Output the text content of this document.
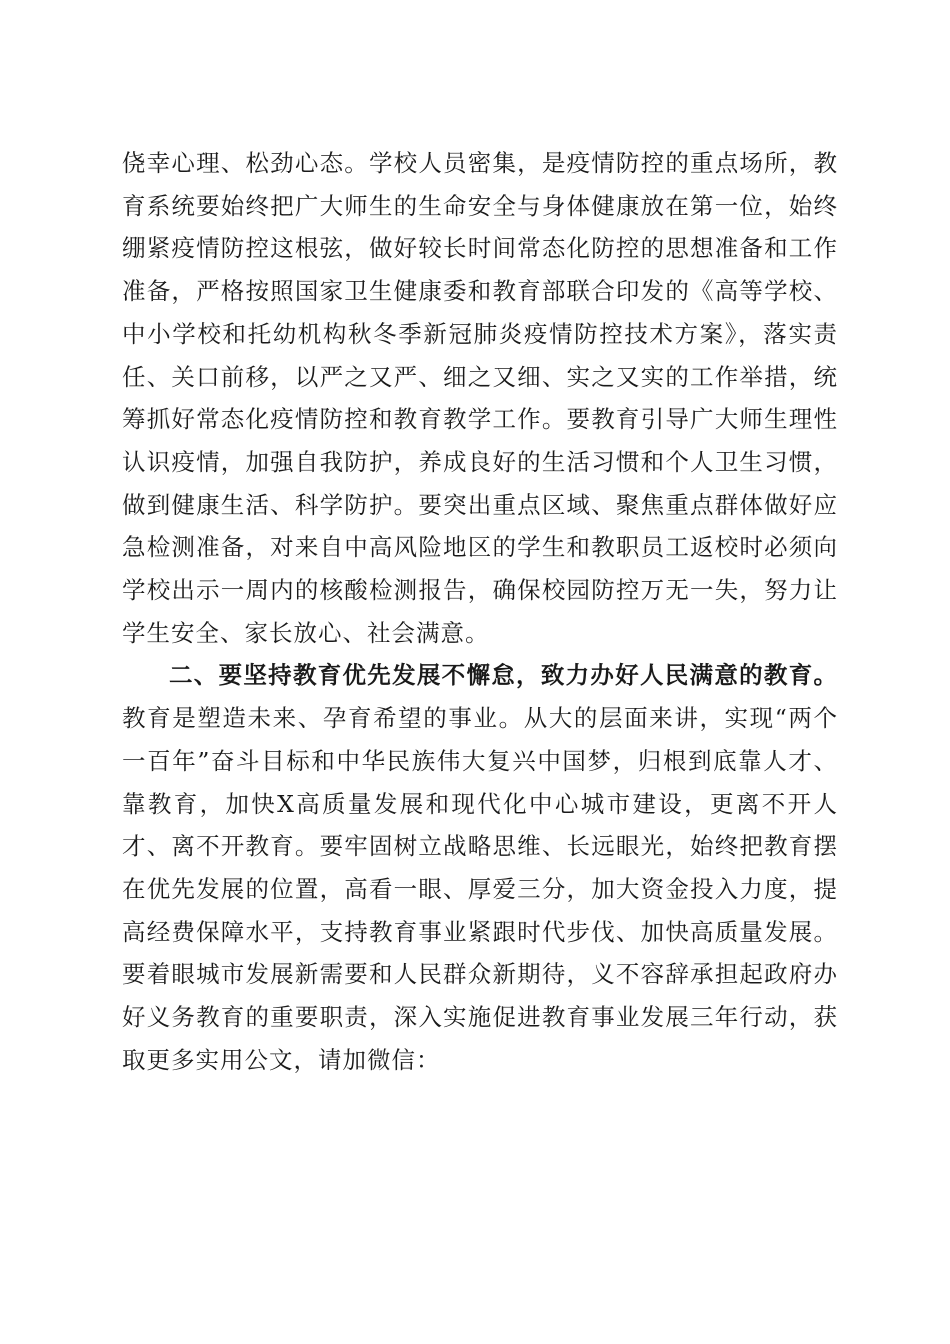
侥幸心理、松劲心态。学校人员密集，是疫情防控的重点场所，教育系统要始终把广大师生的生命安全与身体健康放在第一位，始终绷紧疫情防控这根弦，做好较长时间常态化防控的思想准备和工作准备，严格按照国家卫生健康委和教育部联合印发的《高等学校、中小学校和托幼机构秋冬季新冠肺炎疫情防控技术方案》，落实责任、关口前移，以严之又严、细之又细、实之又实的工作举措，统筹抓好常态化疫情防控和教育教学工作。要教育引导广大师生理性认识疫情，加强自我防护，养成良好的生活习惯和个人卫生习惯，做到健康生活、科学防护。要突出重点区域、聚焦重点群体做好应急检测准备，对来自中高风险地区的学生和教职员工返校时必须向学校出示一周内的核酸检测报告，确保校园防控万无一失，努力让学生安全、家长放心、社会满意。

二、要坚持教育优先发展不懈怠，致力办好人民满意的教育。教育是塑造未来、孕育希望的事业。从大的层面来讲，实现“两个一百年”奋斗目标和中华民族伟大复兴中国梦，归根到底靠人才、靠教育，加快X高质量发展和现代化中心城市建设，更离不开人才、离不开教育。要牢固树立战略思维、长远眼光，始终把教育摆在优先发展的位置，高看一眼、厚爱三分，加大资金投入力度，提高经费保障水平，支持教育事业紧跟时代步伐、加快高质量发展。要着眼城市发展新需要和人民群众新期待，义不容辞承担起政府办好义务教育的重要职责，深入实施促进教育事业发展三年行动，获取更多实用公文，请加微信：
